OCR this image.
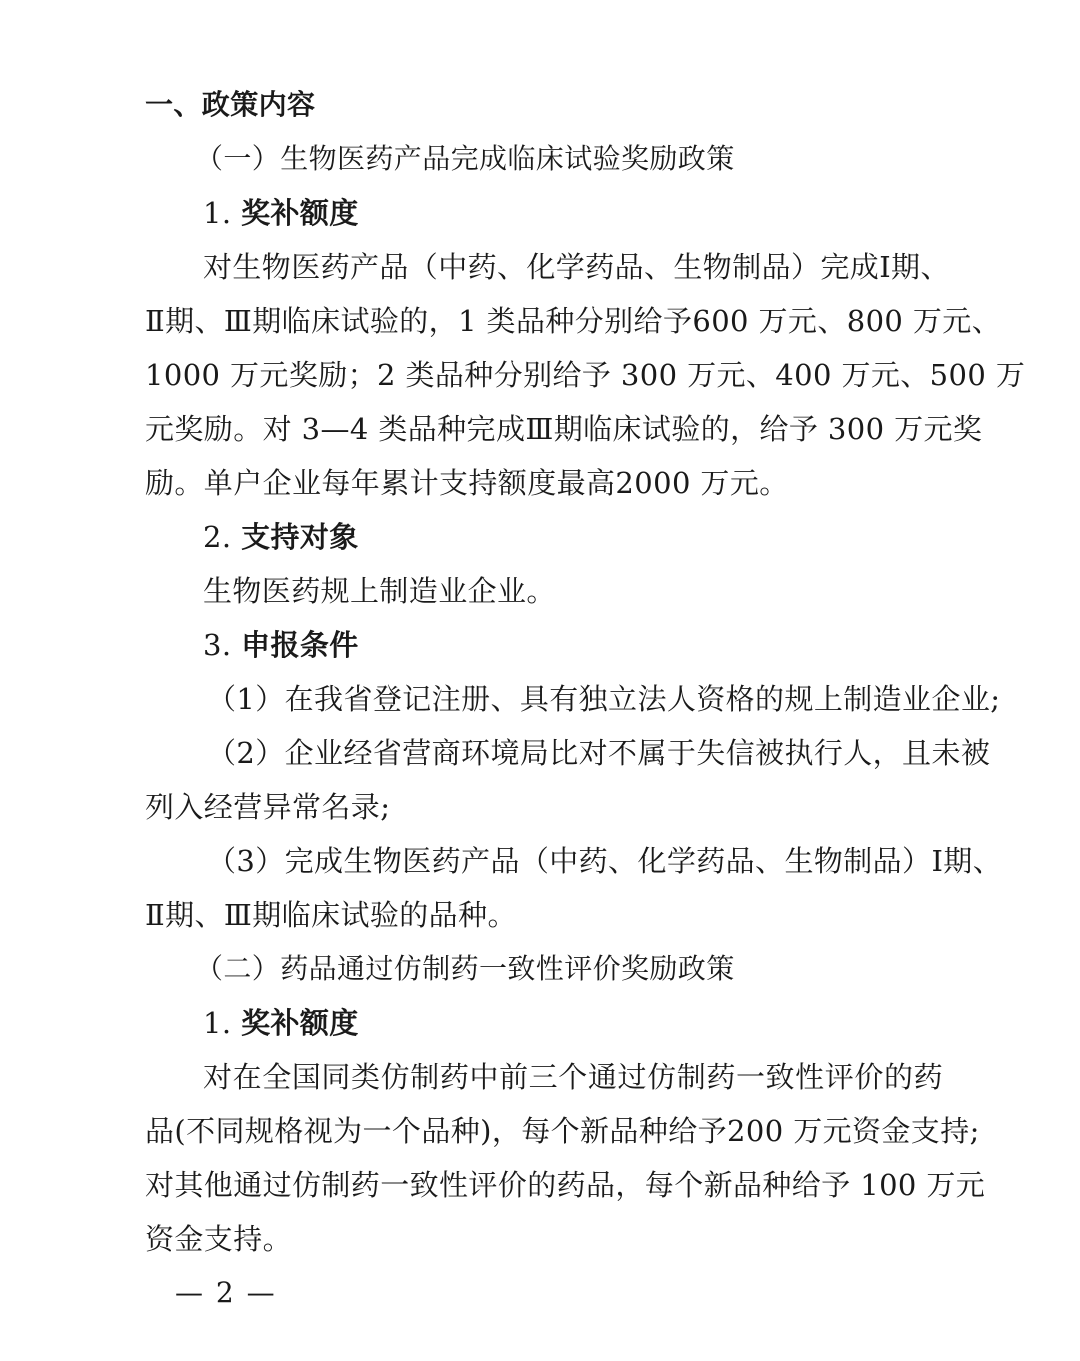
一、政策内容
（一）生物医药产品完成临床试验奖励政策
1. 奖补额度
对生物医药产品（中药、化学药品、生物制品）完成Ⅰ期、
Ⅱ期、Ⅲ期临床试验的，1 类品种分别给予600 万元、800 万元、
1000 万元奖励；2 类品种分别给予 300 万元、400 万元、500 万
元奖励。对 3—4 类品种完成Ⅲ期临床试验的，给予 300 万元奖
励。单户企业每年累计支持额度最高2000 万元。
2. 支持对象
生物医药规上制造业企业。
3. 申报条件
（1）在我省登记注册、具有独立法人资格的规上制造业企业;
（2）企业经省营商环境局比对不属于失信被执行人，且未被
列入经营异常名录;
（3）完成生物医药产品（中药、化学药品、生物制品）Ⅰ期、
Ⅱ期、Ⅲ期临床试验的品种。
（二）药品通过仿制药一致性评价奖励政策
1. 奖补额度
对在全国同类仿制药中前三个通过仿制药一致性评价的药
品(不同规格视为一个品种)，每个新品种给予200 万元资金支持;
对其他通过仿制药一致性评价的药品，每个新品种给予 100 万元
资金支持。
— 2 —
